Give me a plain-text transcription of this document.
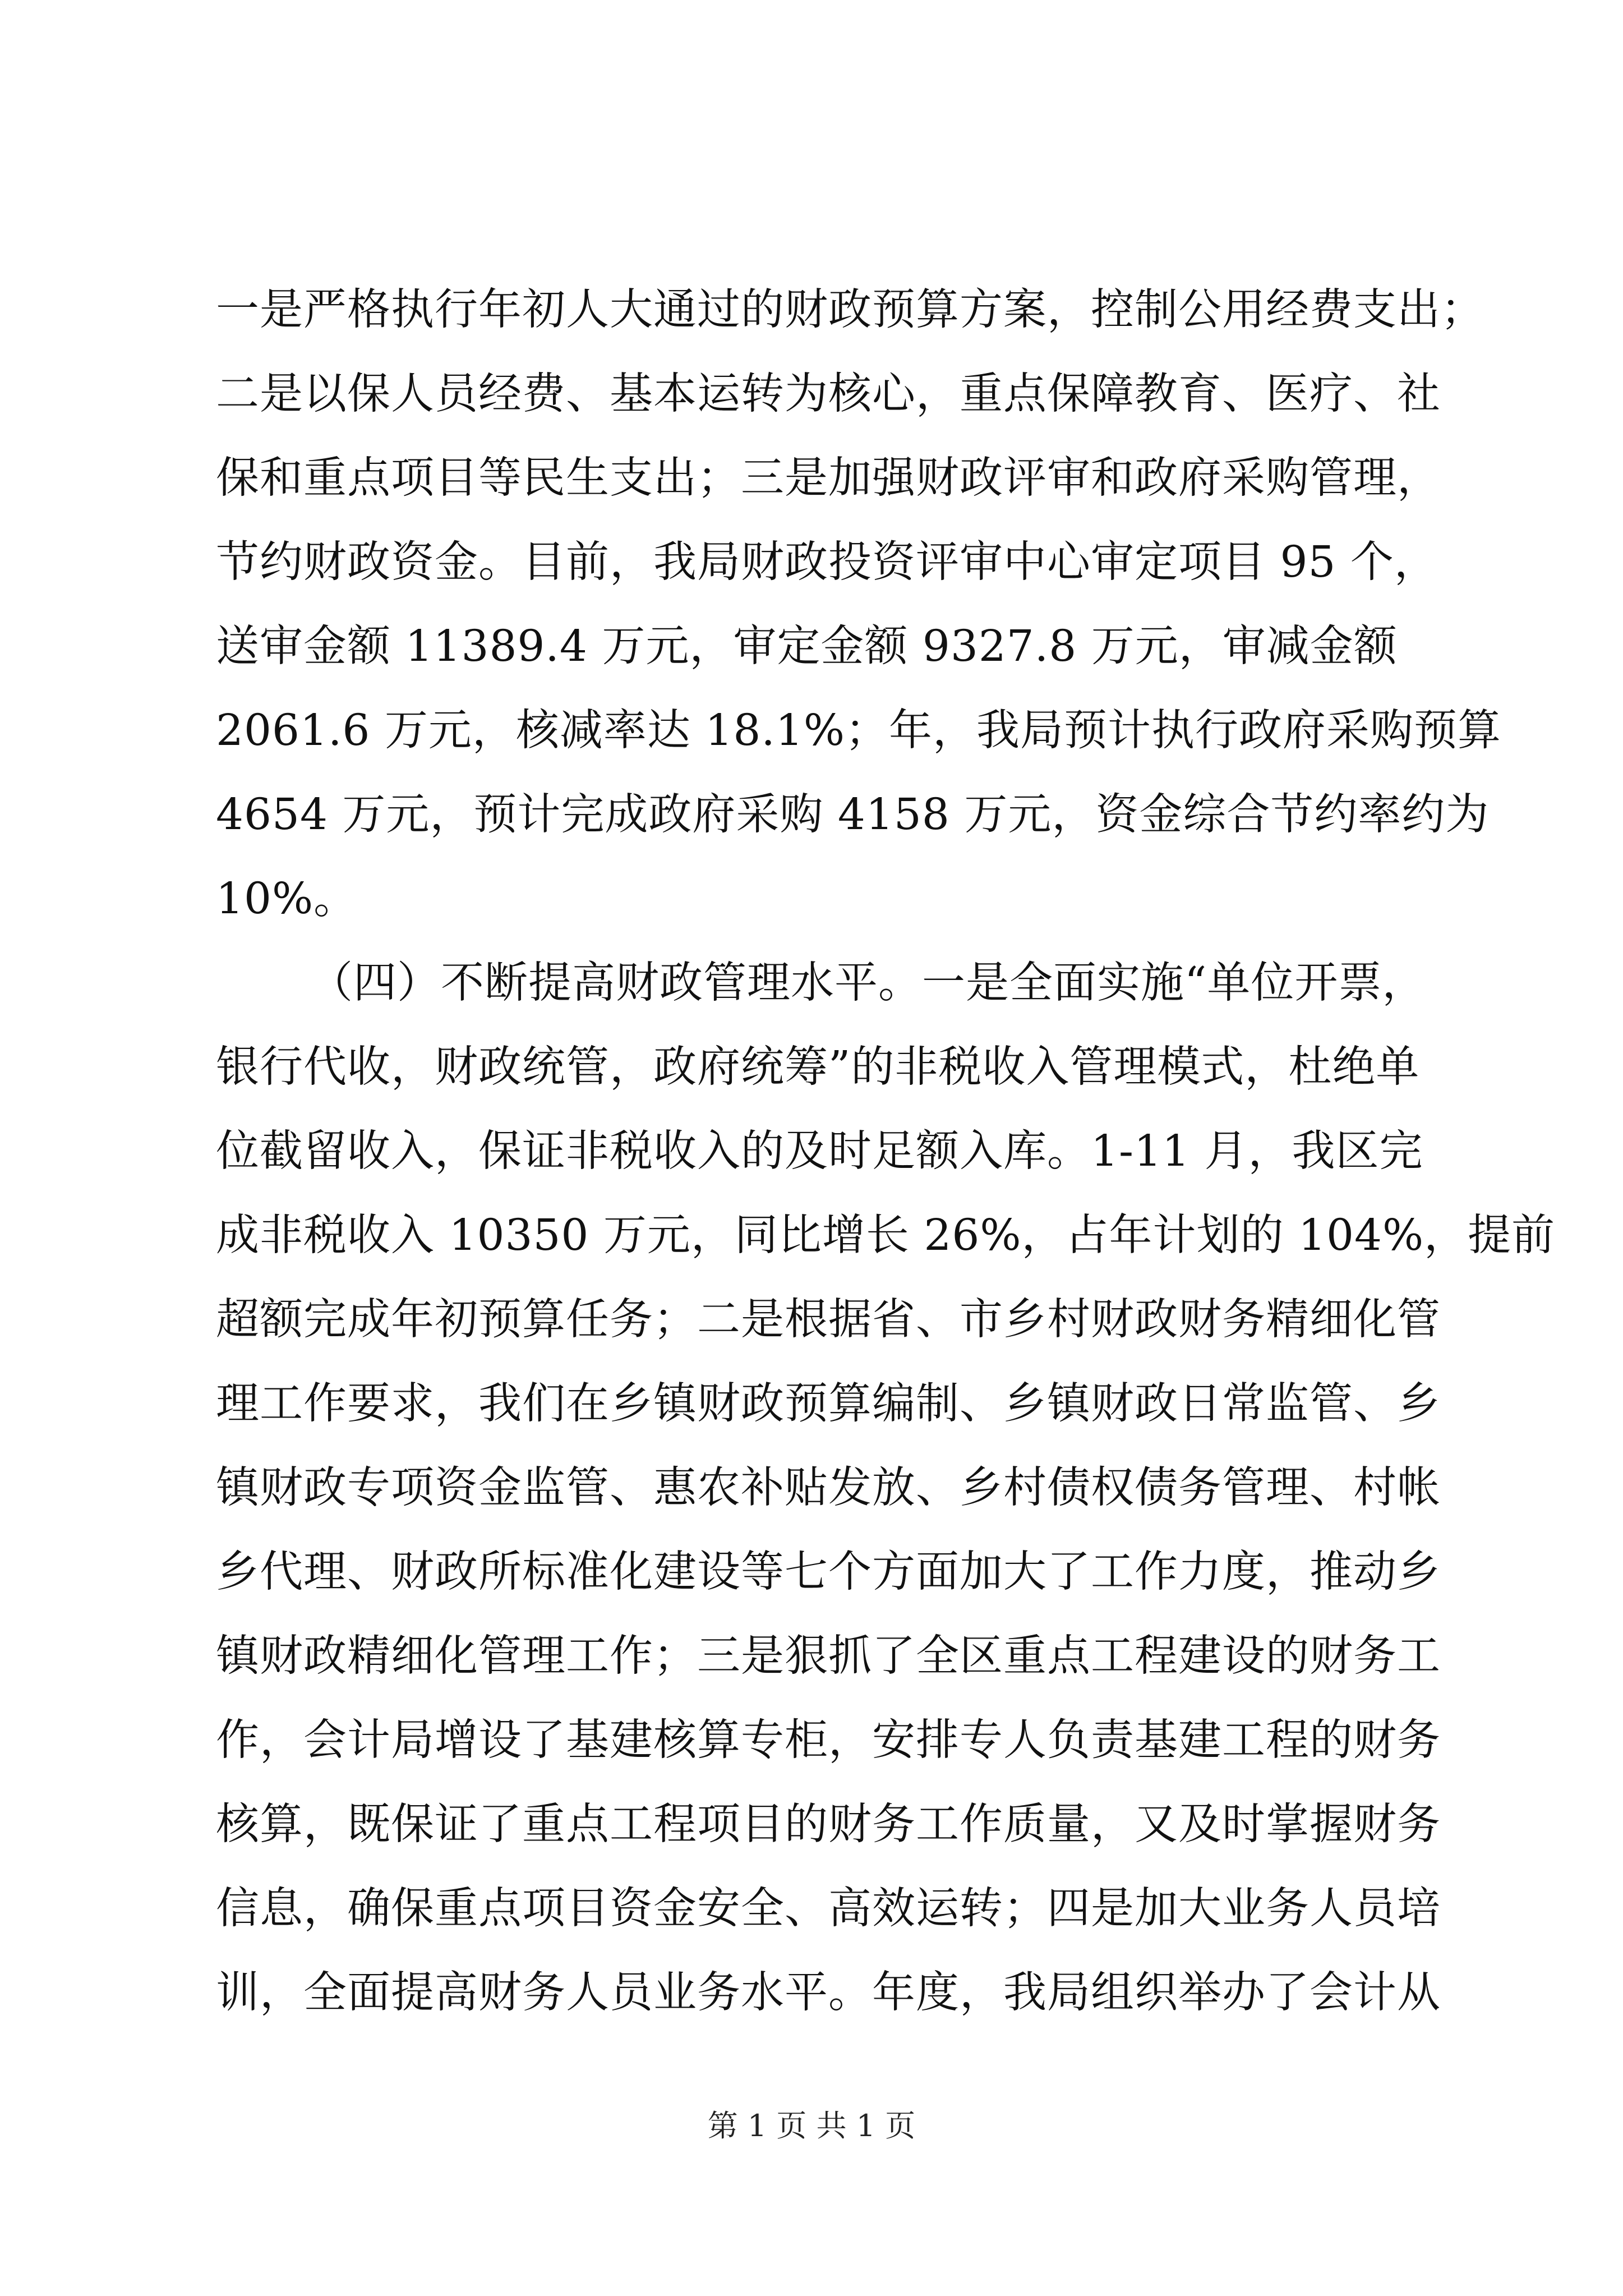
一是严格执行年初人大通过的财政预算方案，控制公用经费支出；
二是以保人员经费、基本运转为核心，重点保障教育、医疗、社
保和重点项目等民生支出；三是加强财政评审和政府采购管理，
节约财政资金。目前，我局财政投资评审中心审定项目 95 个，
送审金额 11389.4 万元，审定金额 9327.8 万元，审减金额
2061.6 万元，核减率达 18.1%；年，我局预计执行政府采购预算
4654 万元，预计完成政府采购 4158 万元，资金综合节约率约为
10%。
（四）不断提高财政管理水平。一是全面实施“单位开票，
银行代收，财政统管，政府统筹”的非税收入管理模式，杜绝单
位截留收入，保证非税收入的及时足额入库。1-11 月，我区完
成非税收入 10350 万元，同比增长 26%，占年计划的 104%，提前
超额完成年初预算任务；二是根据省、市乡村财政财务精细化管
理工作要求，我们在乡镇财政预算编制、乡镇财政日常监管、乡
镇财政专项资金监管、惠农补贴发放、乡村债权债务管理、村帐
乡代理、财政所标准化建设等七个方面加大了工作力度，推动乡
镇财政精细化管理工作；三是狠抓了全区重点工程建设的财务工
作，会计局增设了基建核算专柜，安排专人负责基建工程的财务
核算，既保证了重点工程项目的财务工作质量，又及时掌握财务
信息，确保重点项目资金安全、高效运转；四是加大业务人员培
训，全面提高财务人员业务水平。年度，我局组织举办了会计从
第 1 页 共 1 页
